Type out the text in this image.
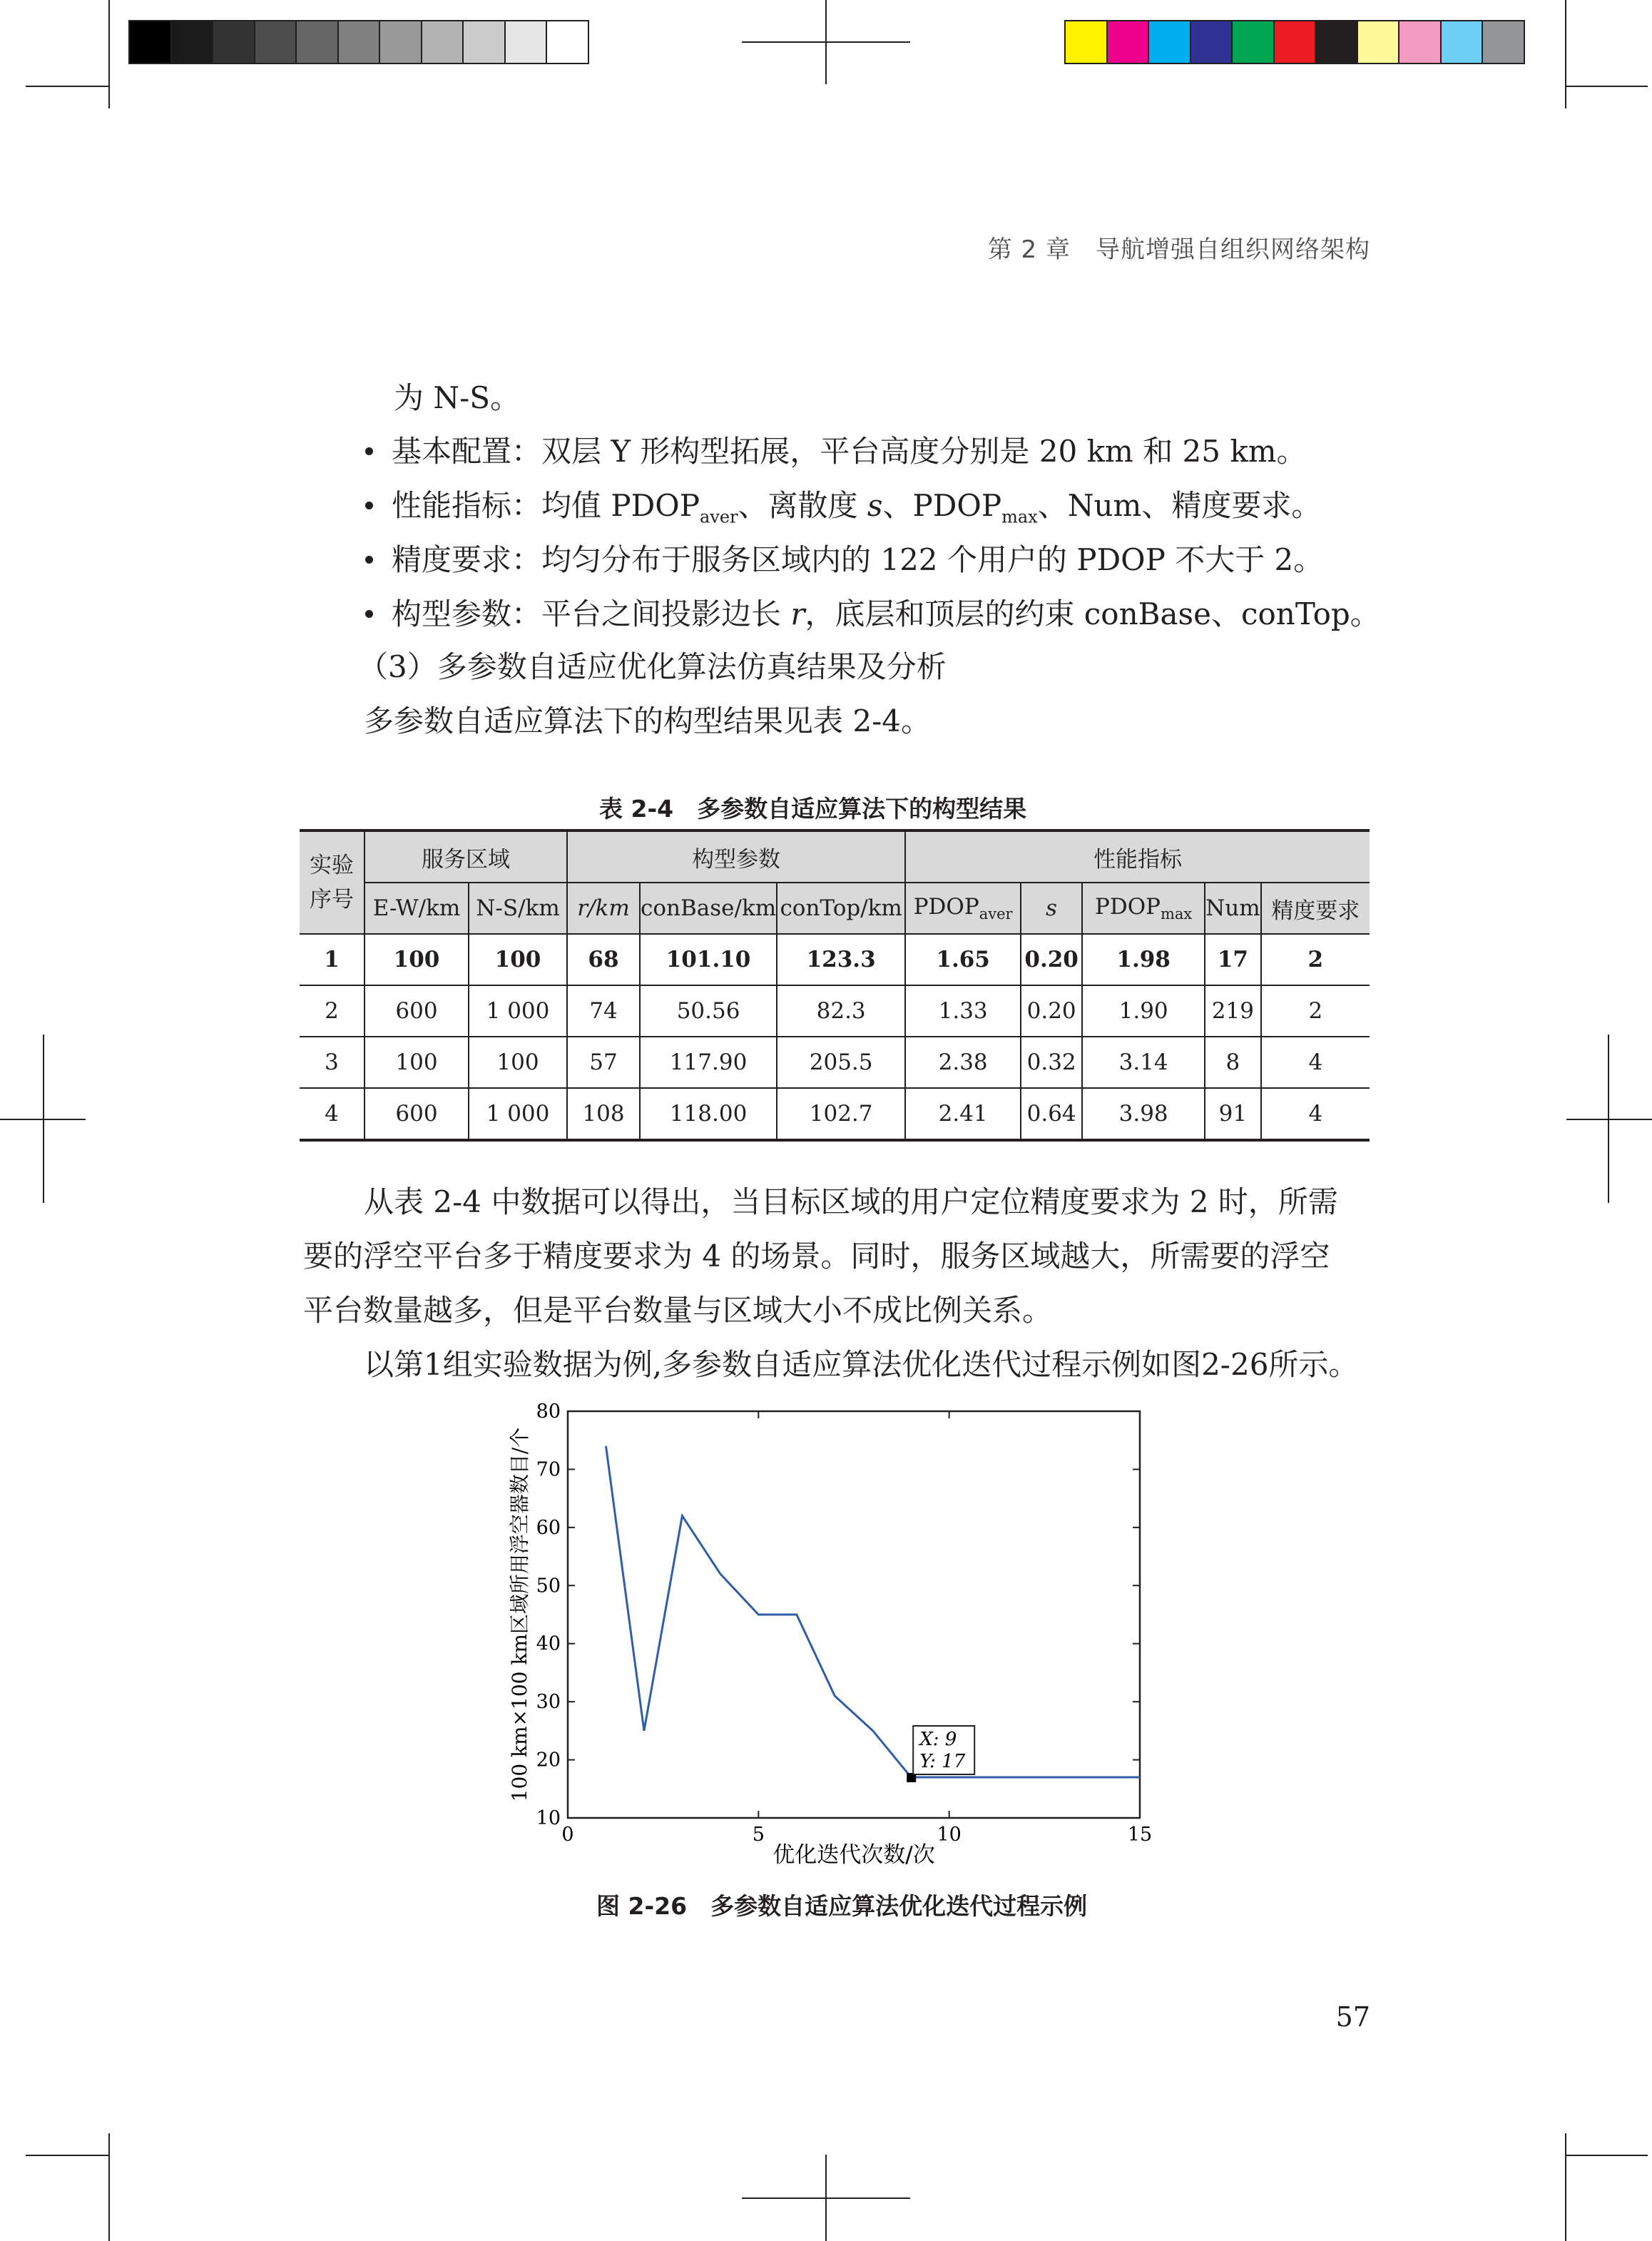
第 2 章　导航增强自组织网络架构
为 N-S。
基本配置：双层 Y 形构型拓展，平台高度分别是 20 km 和 25 km。
性能指标：均值 $PDOP_{aver}$、离散度 s、$PDOP_{max}$、Num、精度要求。
精度要求：均匀分布于服务区域内的 122 个用户的 PDOP 不大于 2。
构型参数：平台之间投影边长 r，底层和顶层的约束 conBase、conTop。
（3）多参数自适应优化算法仿真结果及分析
多参数自适应算法下的构型结果见表 2-4。
表 2-4　多参数自适应算法下的构型结果
实验序号	服务区域		构型参数			性能指标				
	E-W/km	N-S/km	r/km	conBase/km	conTop/km	$PDOP_{aver}$	s	$PDOP_{max}$	Num	精度要求
1	100	100	68	101.10	123.3	1.65	0.20	1.98	17	2
2	600	1 000	74	50.56	82.3	1.33	0.20	1.90	219	2
3	100	100	57	117.90	205.5	2.38	0.32	3.14	8	4
4	600	1 000	108	118.00	102.7	2.41	0.64	3.98	91	4
从表 2-4 中数据可以得出，当目标区域的用户定位精度要求为 2 时，所需
要的浮空平台多于精度要求为 4 的场景。同时，服务区域越大，所需要的浮空
平台数量越多，但是平台数量与区域大小不成比例关系。
以第1组实验数据为例,多参数自适应算法优化迭代过程示例如图2-26所示。
10
20
30
40
50
60
70
80
0	5	10	15
X: 9
Y: 17
优化迭代次数/次
100 km×100 km区域所用浮空器数目/个
图 2-26　多参数自适应算法优化迭代过程示例
57
